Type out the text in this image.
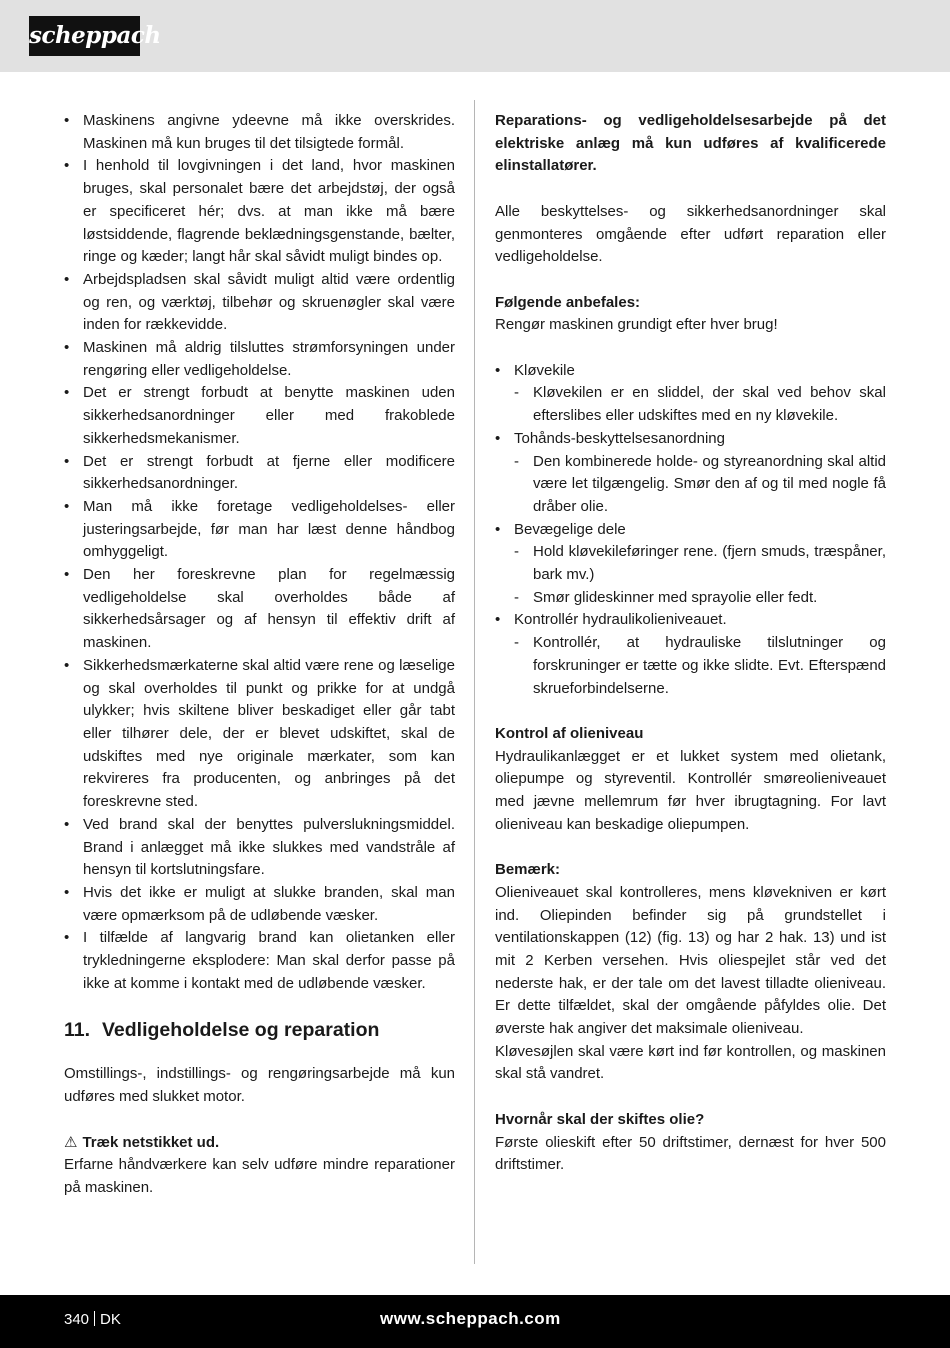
scheppach
• Maskinens angivne ydeevne må ikke overskrides. Maskinen må kun bruges til det tilsigtede formål.
• I henhold til lovgivningen i det land, hvor maskinen bruges, skal personalet bære det arbejdstøj, der også er specificeret hér; dvs. at man ikke må bære løstsiddende, flagrende beklædningsgenstande, bælter, ringe og kæder; langt hår skal såvidt muligt bindes op.
• Arbejdspladsen skal såvidt muligt altid være ordentlig og ren, og værktøj, tilbehør og skruenøgler skal være inden for rækkevidde.
• Maskinen må aldrig tilsluttes strømforsyningen under rengøring eller vedligeholdelse.
• Det er strengt forbudt at benytte maskinen uden sikkerhedsanordninger eller med frakoblede sikkerhedsmekanismer.
• Det er strengt forbudt at fjerne eller modificere sikkerhedsanordninger.
• Man må ikke foretage vedligeholdelses- eller justeringsarbejde, før man har læst denne håndbog omhyggeligt.
• Den her foreskrevne plan for regelmæssig vedligeholdelse skal overholdes både af sikkerhedsårsager og af hensyn til effektiv drift af maskinen.
• Sikkerhedsmærkaterne skal altid være rene og læselige og skal overholdes til punkt og prikke for at undgå ulykker; hvis skiltene bliver beskadiget eller går tabt eller tilhører dele, der er blevet udskiftet, skal de udskiftes med nye originale mærkater, som kan rekvireres fra producenten, og anbringes på det foreskrevne sted.
• Ved brand skal der benyttes pulverslukningsmiddel. Brand i anlægget må ikke slukkes med vandstråle af hensyn til kortslutningsfare.
• Hvis det ikke er muligt at slukke branden, skal man være opmærksom på de udløbende væsker.
• I tilfælde af langvarig brand kan olietanken eller trykledningerne eksplodere: Man skal derfor passe på ikke at komme i kontakt med de udløbende væsker.
11. Vedligeholdelse og reparation

Omstillings-, indstillings- og rengøringsarbejde må kun udføres med slukket motor.

⚠ Træk netstikket ud.

Erfarne håndværkere kan selv udføre mindre reparationer på maskinen.

Reparations- og vedligeholdelsesarbejde på det elektriske anlæg må kun udføres af kvalificerede elinstallatører.

Alle beskyttelses- og sikkerhedsanordninger skal genmonteres omgående efter udført reparation eller vedligeholdelse.

Følgende anbefales:

Rengør maskinen grundigt efter hver brug!

• Kløvekile
- Kløvekilen er en sliddel, der skal ved behov skal efterslibes eller udskiftes med en ny kløvekile.
• Tohånds-beskyttelsesanordning
- Den kombinerede holde- og styreanordning skal altid være let tilgængelig. Smør den af og til med nogle få dråber olie.
• Bevægelige dele
- Hold kløvekileføringer rene. (fjern smuds, træspåner, bark mv.)
- Smør glideskinner med sprayolie eller fedt.
• Kontrollér hydraulikolieniveauet.
- Kontrollér, at hydrauliske tilslutninger og forskruninger er tætte og ikke slidte. Evt. Efterspænd skrueforbindelserne.

Kontrol af olieniveau

Hydraulikanlægget er et lukket system med olietank, oliepumpe og styreventil. Kontrollér smøreolieniveauet med jævne mellemrum før hver ibrugtagning. For lavt olieniveau kan beskadige oliepumpen.

Bemærk:

Olieniveauet skal kontrolleres, mens kløvekniven er kørt ind. Oliepinden befinder sig på grundstellet i ventilationskappen (12) (fig. 13) og har 2 hak. 13) und ist mit 2 Kerben versehen. Hvis oliespejlet står ved det nederste hak, er der tale om det lavest tilladte olieniveau. Er dette tilfældet, skal der omgående påfyldes olie. Det øverste hak angiver det maksimale olieniveau.

Kløvesøjlen skal være kørt ind før kontrollen, og maskinen skal stå vandret.

Hvornår skal der skiftes olie?

Første olieskift efter 50 driftstimer, dernæst for hver 500 driftstimer.

340 DK	www.scheppach.com
